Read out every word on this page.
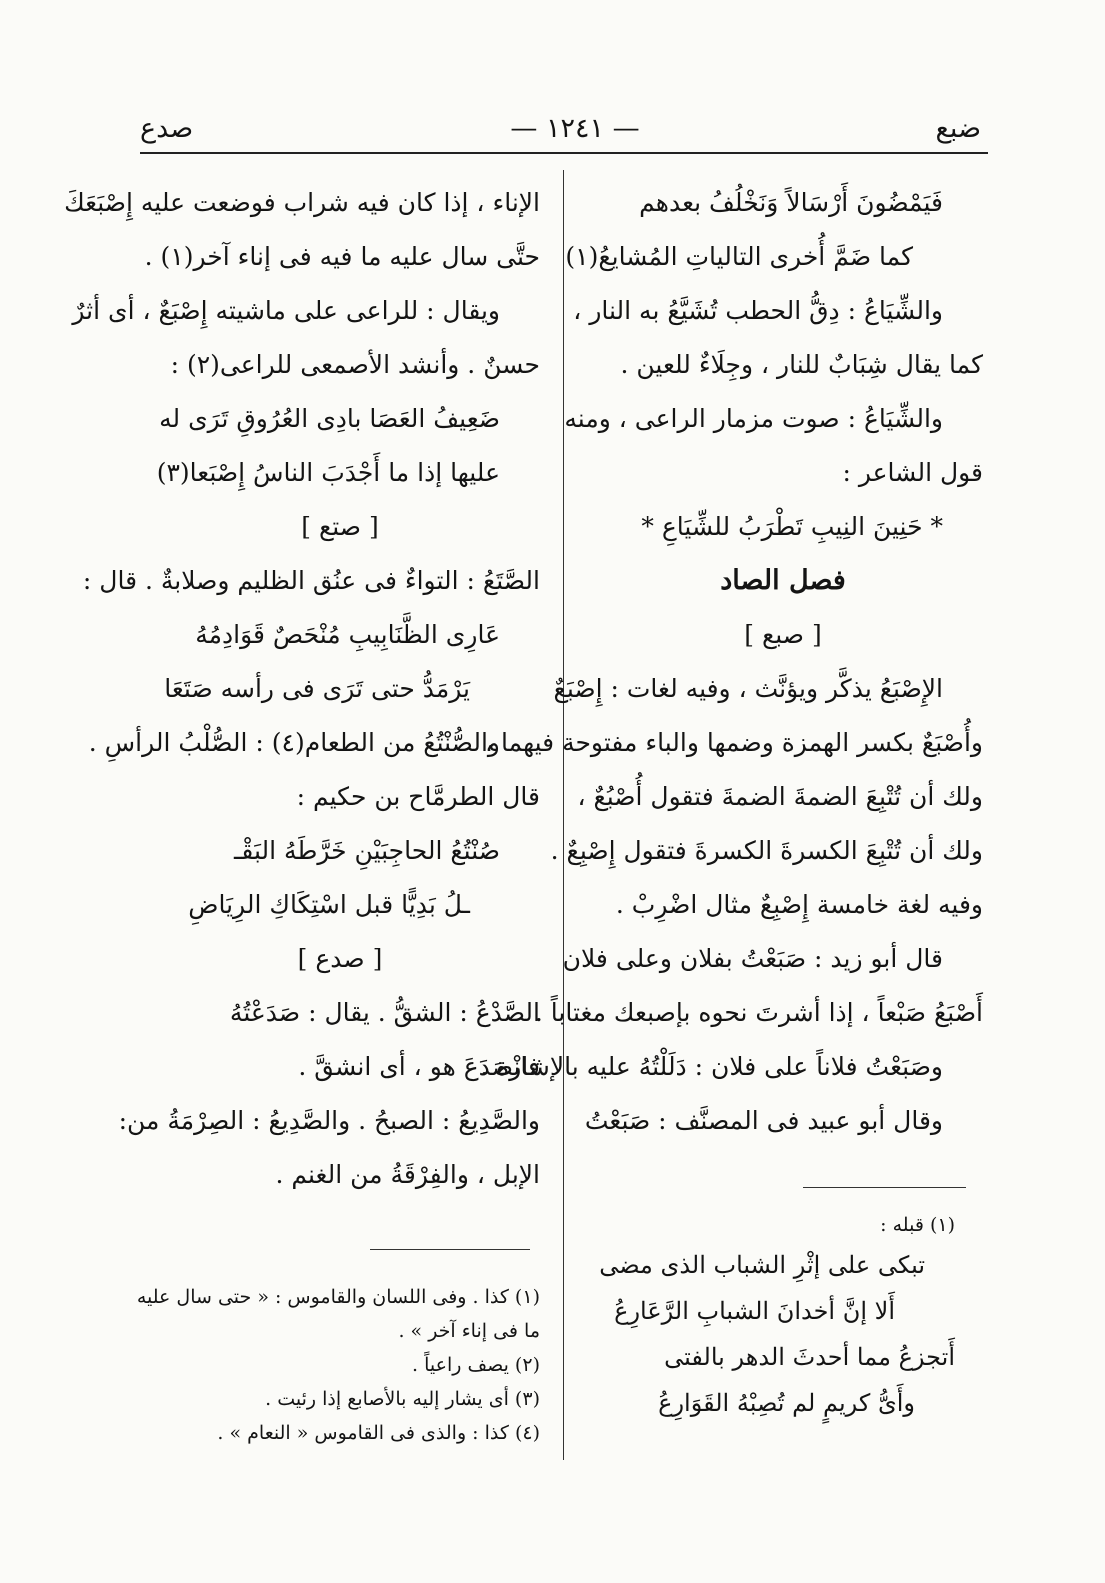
ضبع
— ١٢٤١ —
صدع

فَيَمْضُونَ أَرْسَالاً وَنَخْلُفُ بعدهم

كما ضَمَّ أُخرى التالياتِ المُشايعُ(١)

والشِّيَاعُ : دِقُّ الحطب تُشَيَّعُ به النار ،

كما يقال شِبَابٌ للنار ، وجِلَاءٌ للعين .

والشِّيَاعُ : صوت مزمار الراعى ، ومنه

قول الشاعر :

* حَنِينَ النِيبِ تَطْرَبُ للشِّيَاعِ *

فصل الصاد

[ صبع ]

الإِصْبَعُ يذكَّر ويؤنَّث ، وفيه لغات : إِصْبَعٌ

وأُصْبَعٌ بكسر الهمزة وضمها والباء مفتوحة فيهما ،

ولك أن تُتْبِعَ الضمةَ الضمةَ فتقول أُصْبُعٌ ،

ولك أن تُتْبِعَ الكسرةَ الكسرةَ فتقول إِصْبِعٌ .

وفيه لغة خامسة إِصْبِعٌ مثال اضْرِبْ .

قال أبو زيد : صَبَعْتُ بفلان وعلى فلان

أَصْبَعُ صَبْعاً ، إذا أشرتَ نحوه بإصبعك مغتاباً .

وصَبَعْتُ فلاناً على فلان : دَلَلْتُهُ عليه بالإشارة .

وقال أبو عبيد فى المصنَّف : صَبَعْتُ

الإناء ، إذا كان فيه شراب فوضعت عليه إِصْبَعَكَ

حتَّى سال عليه ما فيه فى إناء آخر(١) .

ويقال : للراعى على ماشيته إِصْبَعٌ ، أى أثرٌ

حسنٌ . وأنشد الأصمعى للراعى(٢) :

ضَعِيفُ العَصَا بادِى العُرُوقِ تَرَى له

عليها إذا ما أَجْدَبَ الناسُ إِصْبَعا(٣)

[ صتع ]

الصَّتَعُ : التواءٌ فى عنُق الظليم وصلابةٌ . قال :

عَارِى الظَّنَابِيبِ مُنْحَصٌ قَوَادِمُهُ

يَرْمَدُّ حتى تَرَى فى رأسه صَتَعَا

والصُّنْتُعُ من الطعام(٤) : الصُّلْبُ الرأسِ .

قال الطرمَّاح بن حكيم :

صُنْتُعُ الحاجِبَيْنِ خَرَّطَهُ البَقْـ

ـلُ بَدِيًّا قبل اسْتِكَاكِ الرِيَاضِ

[ صدع ]

الصَّدْعُ : الشقُّ . يقال : صَدَعْتُهُ

فانْصَدَعَ هو ، أى انشقَّ .

والصَّدِيعُ : الصبحُ . والصَّدِيعُ : الصِرْمَةُ من:

الإبل ، والفِرْقَةُ من الغنم .

(١) قبله :

تبكى على إثْرِ الشباب الذى مضى

أَلا إنَّ أخدانَ الشبابِ الرَّعَارِعُ

أَتجزعُ مما أحدثَ الدهر بالفتى

وأَىُّ كريمٍ لم تُصِبْهُ القَوَارِعُ

(١) كذا . وفى اللسان والقاموس : « حتى سال عليه

ما فى إناء آخر » .

(٢) يصف راعياً .

(٣) أى يشار إليه بالأصابع إذا رئيت .

(٤) كذا : والذى فى القاموس « النعام » .
